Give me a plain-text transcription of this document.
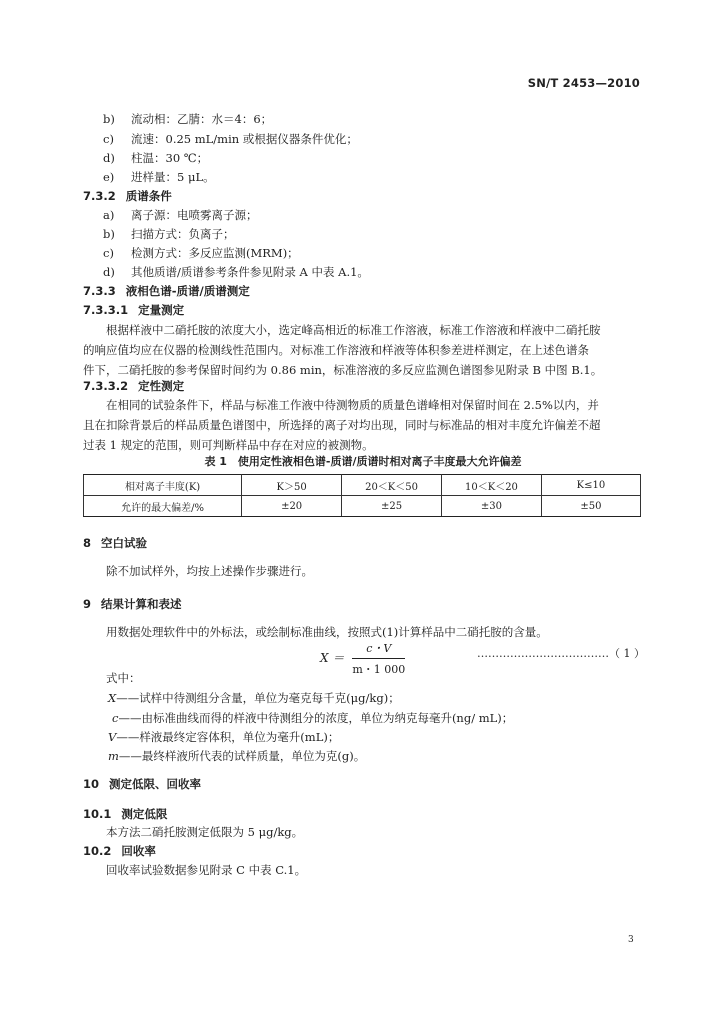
SN/T 2453—2010
b)	流动相：乙腈：水＝4：6；
c)	流速：0.25 mL/min 或根据仪器条件优化；
d)	柱温：30 ℃；
e)	进样量：5 μL。
7.3.2 质谱条件
a)	离子源：电喷雾离子源；
b)	扫描方式：负离子；
c)	检测方式：多反应监测(MRM)；
d)	其他质谱/质谱参考条件参见附录 A 中表 A.1。
7.3.3 液相色谱-质谱/质谱测定
7.3.3.1 定量测定
根据样液中二硝托胺的浓度大小，选定峰高相近的标准工作溶液，标准工作溶液和样液中二硝托胺
的响应值均应在仪器的检测线性范围内。对标准工作溶液和样液等体积参差进样测定，在上述色谱条
件下，二硝托胺的参考保留时间约为 0.86 min，标准溶液的多反应监测色谱图参见附录 B 中图 B.1。
7.3.3.2 定性测定
在相同的试验条件下，样品与标准工作液中待测物质的质量色谱峰相对保留时间在 2.5%以内，并
且在扣除背景后的样品质量色谱图中，所选择的离子对均出现，同时与标准品的相对丰度允许偏差不超
过表 1 规定的范围，则可判断样品中存在对应的被测物。
表 1　使用定性液相色谱-质谱/质谱时相对离子丰度最大允许偏差
相对离子丰度(K)	K＞50	20＜K＜50	10＜K＜20	K≤10
允许的最大偏差/%	±20	±25	±30	±50
8 空白试验
除不加试样外，均按上述操作步骤进行。
9 结果计算和表述
用数据处理软件中的外标法，或绘制标准曲线，按照式(1)计算样品中二硝托胺的含量。
$X = \frac{c・V}{m・1 000}$	………………………………（ 1 ）
式中：
X——试样中待测组分含量，单位为毫克每千克(μg/kg)；
c——由标准曲线而得的样液中待测组分的浓度，单位为纳克每毫升(ng/ mL)；
V——样液最终定容体积，单位为毫升(mL)；
m——最终样液所代表的试样质量，单位为克(g)。
10 测定低限、回收率
10.1 测定低限
本方法二硝托胺测定低限为 5 μg/kg。
10.2 回收率
回收率试验数据参见附录 C 中表 C.1。
3
